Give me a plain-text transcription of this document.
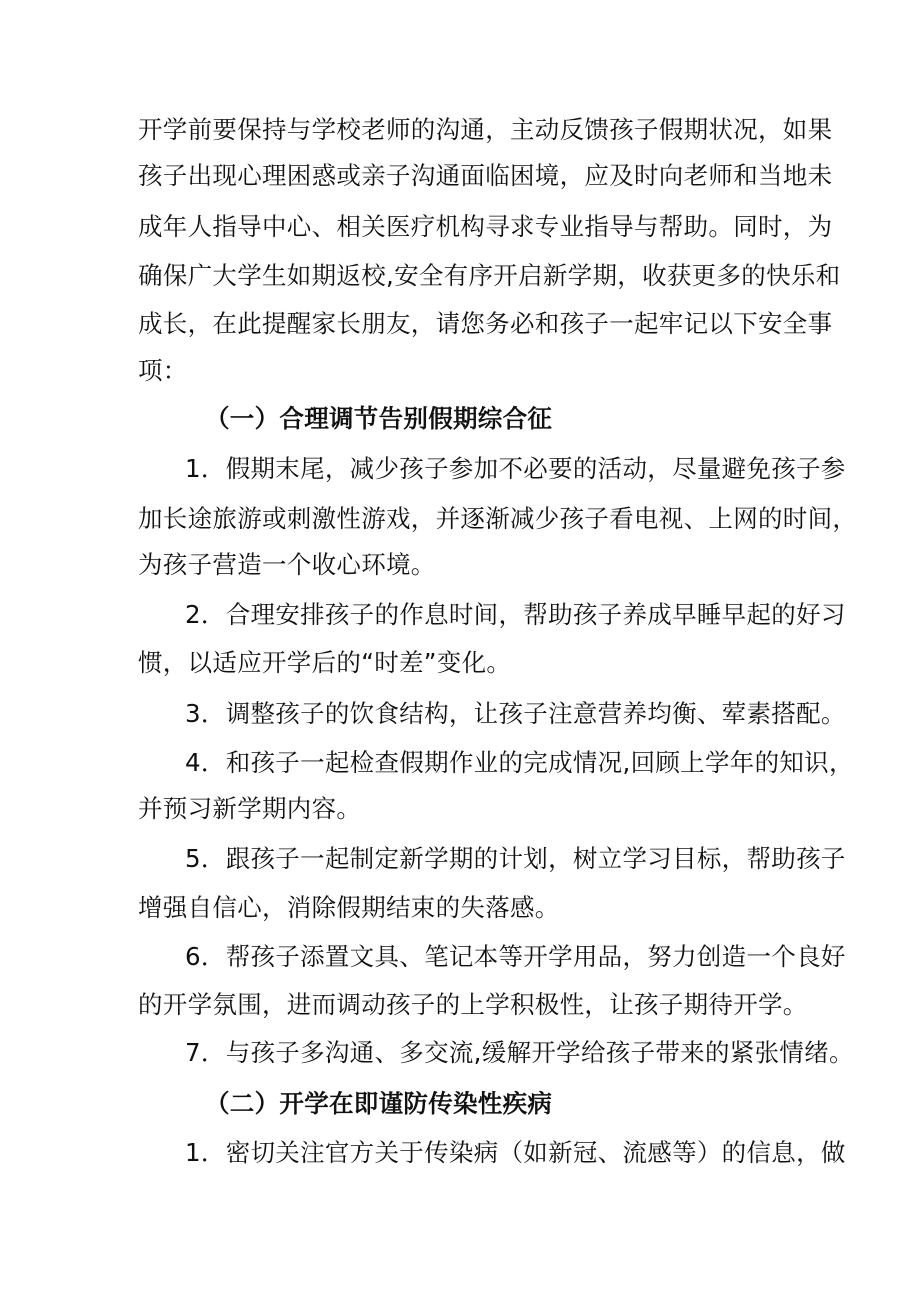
开学前要保持与学校老师的沟通，主动反馈孩子假期状况，如果

孩子出现心理困惑或亲子沟通面临困境，应及时向老师和当地未

成年人指导中心、相关医疗机构寻求专业指导与帮助。同时，为

确保广大学生如期返校,安全有序开启新学期，收获更多的快乐和

成长，在此提醒家长朋友，请您务必和孩子一起牢记以下安全事

项：

（一）合理调节告别假期综合征

1．假期末尾，减少孩子参加不必要的活动，尽量避免孩子参

加长途旅游或刺激性游戏，并逐渐减少孩子看电视、上网的时间，

为孩子营造一个收心环境。

2．合理安排孩子的作息时间，帮助孩子养成早睡早起的好习

惯，以适应开学后的“时差”变化。

3．调整孩子的饮食结构，让孩子注意营养均衡、荤素搭配。

4．和孩子一起检查假期作业的完成情况,回顾上学年的知识，

并预习新学期内容。

5．跟孩子一起制定新学期的计划，树立学习目标，帮助孩子

增强自信心，消除假期结束的失落感。

6．帮孩子添置文具、笔记本等开学用品，努力创造一个良好

的开学氛围，进而调动孩子的上学积极性，让孩子期待开学。

7．与孩子多沟通、多交流,缓解开学给孩子带来的紧张情绪。

（二）开学在即谨防传染性疾病

1．密切关注官方关于传染病（如新冠、流感等）的信息，做
